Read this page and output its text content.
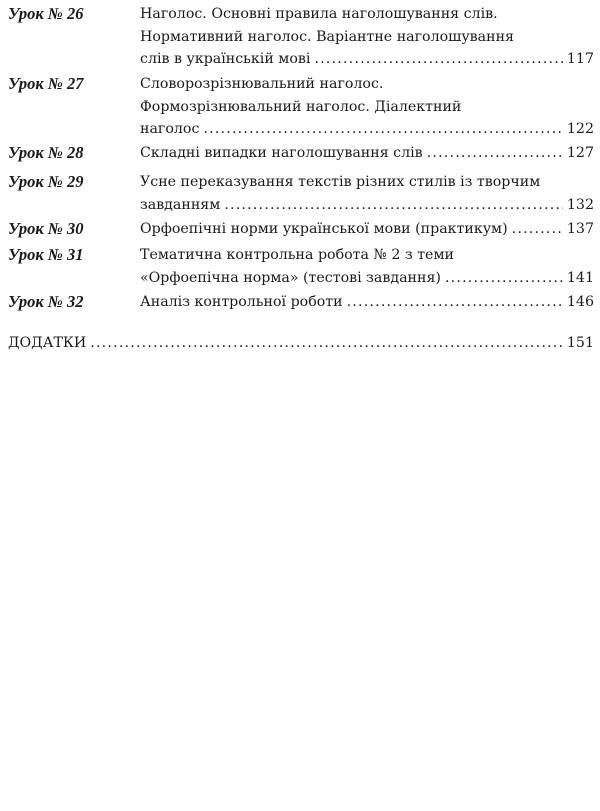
Урок № 26	Наголос. Основні правила наголошування слів.
Нормативний наголос. Варіантне наголошування
слів в українській мові .....	117
Урок № 27	Словорозрізнювальний наголос.
Формозрізнювальний наголос. Діалектний
наголос .....	122
Урок № 28	Складні випадки наголошування слів .....	127
Урок № 29	Усне переказування текстів різних стилів із творчим
завданням .....	132
Урок № 30	Орфоепічні норми української мови (практикум) .....	137
Урок № 31	Тематична контрольна робота № 2 з теми
«Орфоепічна норма» (тестові завдання) .....	141
Урок № 32	Аналіз контрольної роботи .....	146
ДОДАТКИ .....	151
